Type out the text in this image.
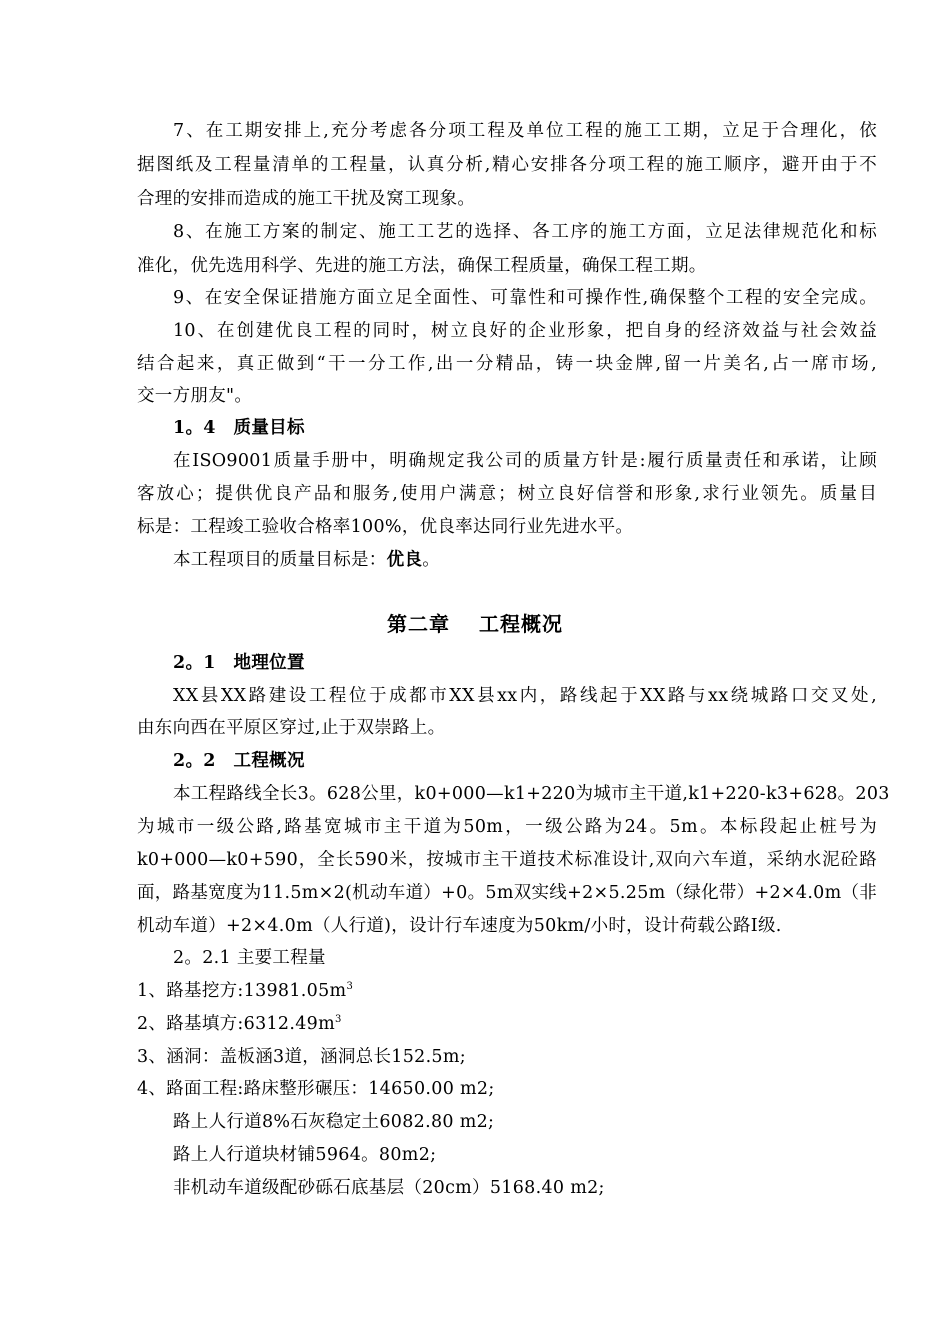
7、在工期安排上,充分考虑各分项工程及单位工程的施工工期，立足于合理化，依
据图纸及工程量清单的工程量，认真分析,精心安排各分项工程的施工顺序，避开由于不
合理的安排而造成的施工干扰及窝工现象。
8、在施工方案的制定、施工工艺的选择、各工序的施工方面，立足法律规范化和标
准化，优先选用科学、先进的施工方法，确保工程质量，确保工程工期。
9、在安全保证措施方面立足全面性、可靠性和可操作性,确保整个工程的安全完成。
10、在创建优良工程的同时，树立良好的企业形象，把自身的经济效益与社会效益
结合起来，真正做到“干一分工作,出一分精品，铸一块金牌,留一片美名,占一席市场,
交一方朋友"。
1。4　质量目标
在ISO9001质量手册中，明确规定我公司的质量方针是:履行质量责任和承诺，让顾
客放心；提供优良产品和服务,使用户满意；树立良好信誉和形象,求行业领先。质量目
标是：工程竣工验收合格率100%，优良率达同行业先进水平。
本工程项目的质量目标是：优良。
第二章　 工程概况
2。1　地理位置
XX县XX路建设工程位于成都市XX县xx内，路线起于XX路与xx绕城路口交叉处,
由东向西在平原区穿过,止于双崇路上。
2。2　工程概况
本工程路线全长3。628公里，k0+000—k1+220为城市主干道,k1+220-k3+628。203
为城市一级公路,路基宽城市主干道为50m，一级公路为24。5m。本标段起止桩号为
k0+000—k0+590，全长590米，按城市主干道技术标准设计,双向六车道，采纳水泥砼路
面，路基宽度为11.5m×2(机动车道）+0。5m双实线+2×5.25m（绿化带）+2×4.0m（非
机动车道）+2×4.0m（人行道)，设计行车速度为50km/小时，设计荷载公路Ⅰ级.
2。2.1 主要工程量
1、路基挖方$:13981.05m^3$
2、路基填方$:6312.49m^3$
3、涵洞：盖板涵3道，涵洞总长152.5m;
4、路面工程:路床整形碾压：14650.00 m2;
路上人行道8%石灰稳定土6082.80 m2;
路上人行道块材铺5964。80m2;
非机动车道级配砂砾石底基层（20cm）5168.40 m2;
